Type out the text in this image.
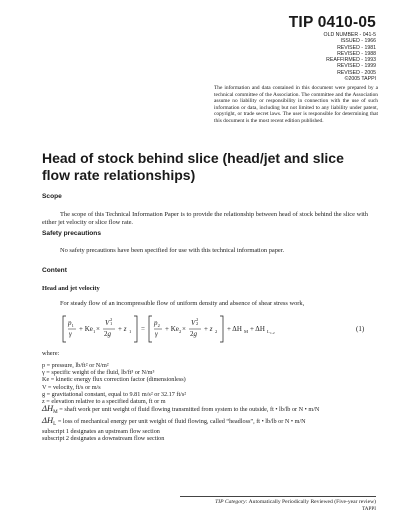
TIP 0410-05
OLD NUMBER - 041-5
ISSUED - 1966
REVISED - 1981
REVISED - 1988
REAFFIRMED - 1993
REVISED - 1999
REVISED - 2005
©2005 TAPPI
The information and data contained in this document were prepared by a technical committee of the Association. The committee and the Association assume no liability or responsibility in connection with the use of such information or data, including but not limited to any liability under patent, copyright, or trade secret laws. The user is responsible for determining that this document is the most recent edition published.
Head of stock behind slice (head/jet and slice flow rate relationships)
Scope
The scope of this Technical Information Paper is to provide the relationship between head of stock behind the slice with either jet velocity or slice flow rate.
Safety precautions
No safety precautions have been specified for use with this technical information paper.
Content
Head and jet velocity
For steady flow of an incompressible flow of uniform density and absence of shear stress work,
p 1
γ
+ Ke 1 ×
V 1
2
2g
+ z 1 =
p 2
γ
+ Ke 2 ×
V 2
2
2g
+ z 2 + ΔH M + ΔH L 1-2	(1)
where:
p = pressure, lb/ft² or N/m²
γ = specific weight of the fluid, lb/ft³ or N/m³
Ke = kinetic energy flux correction factor (dimensionless)
V = velocity, ft/s or m/s
g = gravitational constant, equal to 9.81 m/s² or 32.17 ft/s²
z = elevation relative to a specified datum, ft or m
$\Delta H_M$ = shaft work per unit weight of fluid flowing transmitted from system to the outside, ft • lb/lb or N • m/N
$\Delta H_L$ = loss of mechanical energy per unit weight of fluid flowing, called “headloss”, ft • lb/lb or N • m/N
subscript 1 designates an upstream flow section
subscript 2 designates a downstream flow section
TIP Category: Automatically Periodically Reviewed (Five-year review)
TAPPI
